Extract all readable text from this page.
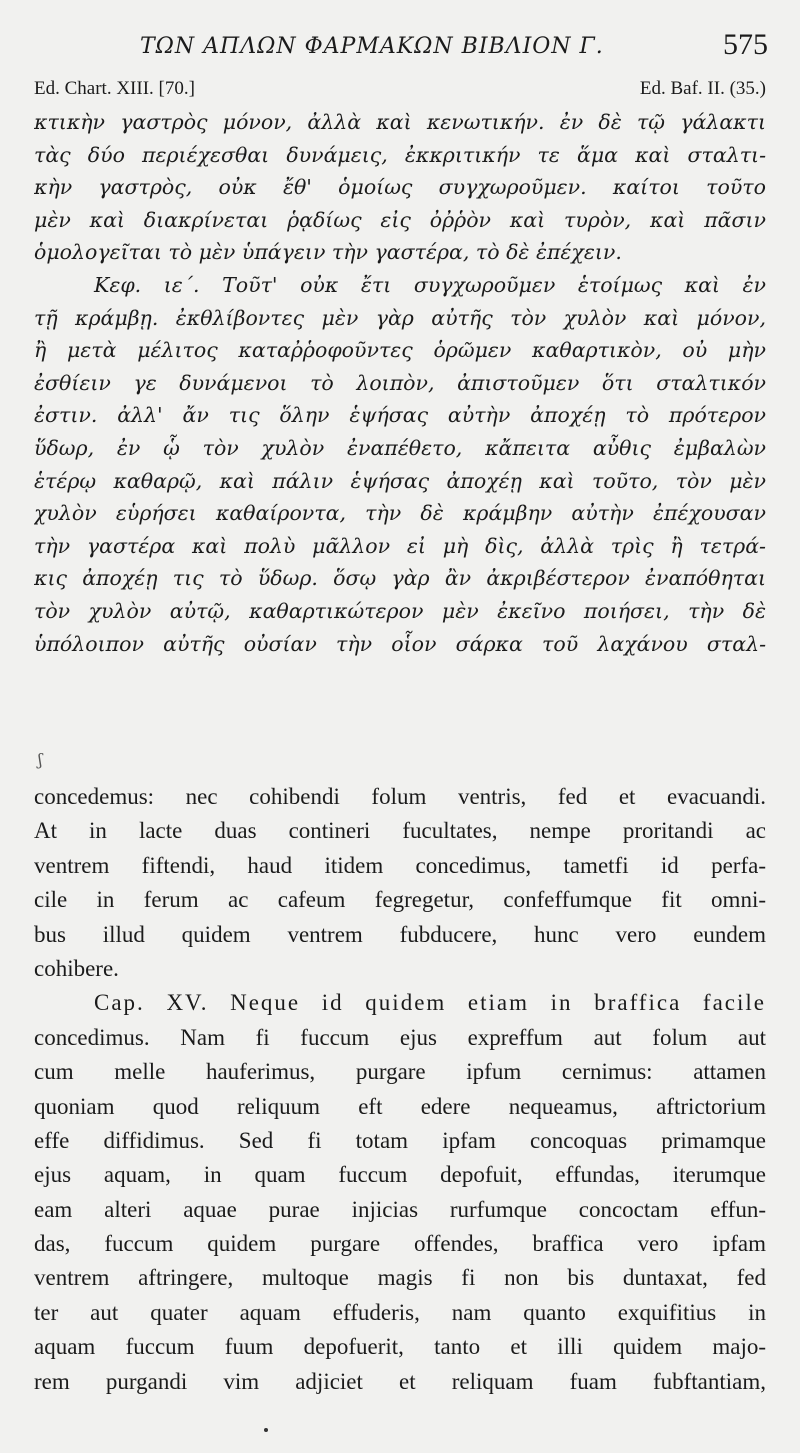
ΤΩΝ ΑΠΛΩΝ ΦΑΡΜΑΚΩΝ ΒΙΒΛΙΟΝ Γ.	575
Ed. Chart. XIII. [70.]	Ed. Baf. II. (35.)
κτικὴν γαστρὸς μόνον, ἀλλὰ καὶ κενωτικήν. ἐν δὲ τῷ γάλακτι
τὰς δύο περιέχεσθαι δυνάμεις, ἐκκριτικήν τε ἅμα καὶ σταλτι-
κὴν γαστρὸς, οὐκ ἔθ' ὁμοίως συγχωροῦμεν. καίτοι τοῦτο
μὲν καὶ διακρίνεται ῥᾳδίως εἰς ὀῤῥὸν καὶ τυρὸν, καὶ πᾶσιν
ὁμολογεῖται τὸ μὲν ὑπάγειν τὴν γαστέρα, τὸ δὲ ἐπέχειν.
Κεφ. ιε΄. Τοῦτ' οὐκ ἔτι συγχωροῦμεν ἑτοίμως καὶ ἐν
τῇ κράμβῃ. ἐκθλίβοντες μὲν γὰρ αὐτῆς τὸν χυλὸν καὶ μόνον,
ἢ μετὰ μέλιτος καταῤῥοφοῦντες ὁρῶμεν καθαρτικὸν, οὐ μὴν
ἐσθίειν γε δυνάμενοι τὸ λοιπὸν, ἀπιστοῦμεν ὅτι σταλτικόν
ἐστιν. ἀλλ' ἄν τις ὅλην ἑψήσας αὐτὴν ἀποχέῃ τὸ πρότερον
ὕδωρ, ἐν ᾧ τὸν χυλὸν ἐναπέθετο, κἄπειτα αὖθις ἐμβαλὼν
ἑτέρῳ καθαρῷ, καὶ πάλιν ἑψήσας ἀποχέῃ καὶ τοῦτο, τὸν μὲν
χυλὸν εὑρήσει καθαίροντα, τὴν δὲ κράμβην αὐτὴν ἐπέχουσαν
τὴν γαστέρα καὶ πολὺ μᾶλλον εἰ μὴ δὶς, ἀλλὰ τρὶς ἢ τετρά-
κις ἀποχέῃ τις τὸ ὕδωρ. ὅσῳ γὰρ ἂν ἀκριβέστερον ἐναπόθηται
τὸν χυλὸν αὐτῷ, καθαρτικώτερον μὲν ἐκεῖνο ποιήσει, τὴν δὲ
ὑπόλοιπον αὐτῆς οὐσίαν τὴν οἷον σάρκα τοῦ λαχάνου σταλ-
ʃ
concedemus: nec cohibendi folum ventris, fed et evacuandi.
At in lacte duas contineri fucultates, nempe proritandi ac
ventrem fiftendi, haud itidem concedimus, tametfi id perfa-
cile in ferum ac cafeum fegregetur, confeffumque fit omni-
bus illud quidem ventrem fubducere, hunc vero eundem
cohibere.
Cap. XV. Neque id quidem etiam in braffica facile
concedimus. Nam fi fuccum ejus expreffum aut folum aut
cum melle hauferimus, purgare ipfum cernimus: attamen
quoniam quod reliquum eft edere nequeamus, aftrictorium
effe diffidimus. Sed fi totam ipfam concoquas primamque
ejus aquam, in quam fuccum depofuit, effundas, iterumque
eam alteri aquae purae injicias rurfumque concoctam effun-
das, fuccum quidem purgare offendes, braffica vero ipfam
ventrem aftringere, multoque magis fi non bis duntaxat, fed
ter aut quater aquam effuderis, nam quanto exquifitius in
aquam fuccum fuum depofuerit, tanto et illi quidem majo-
rem purgandi vim adjiciet et reliquam fuam fubftantiam,
